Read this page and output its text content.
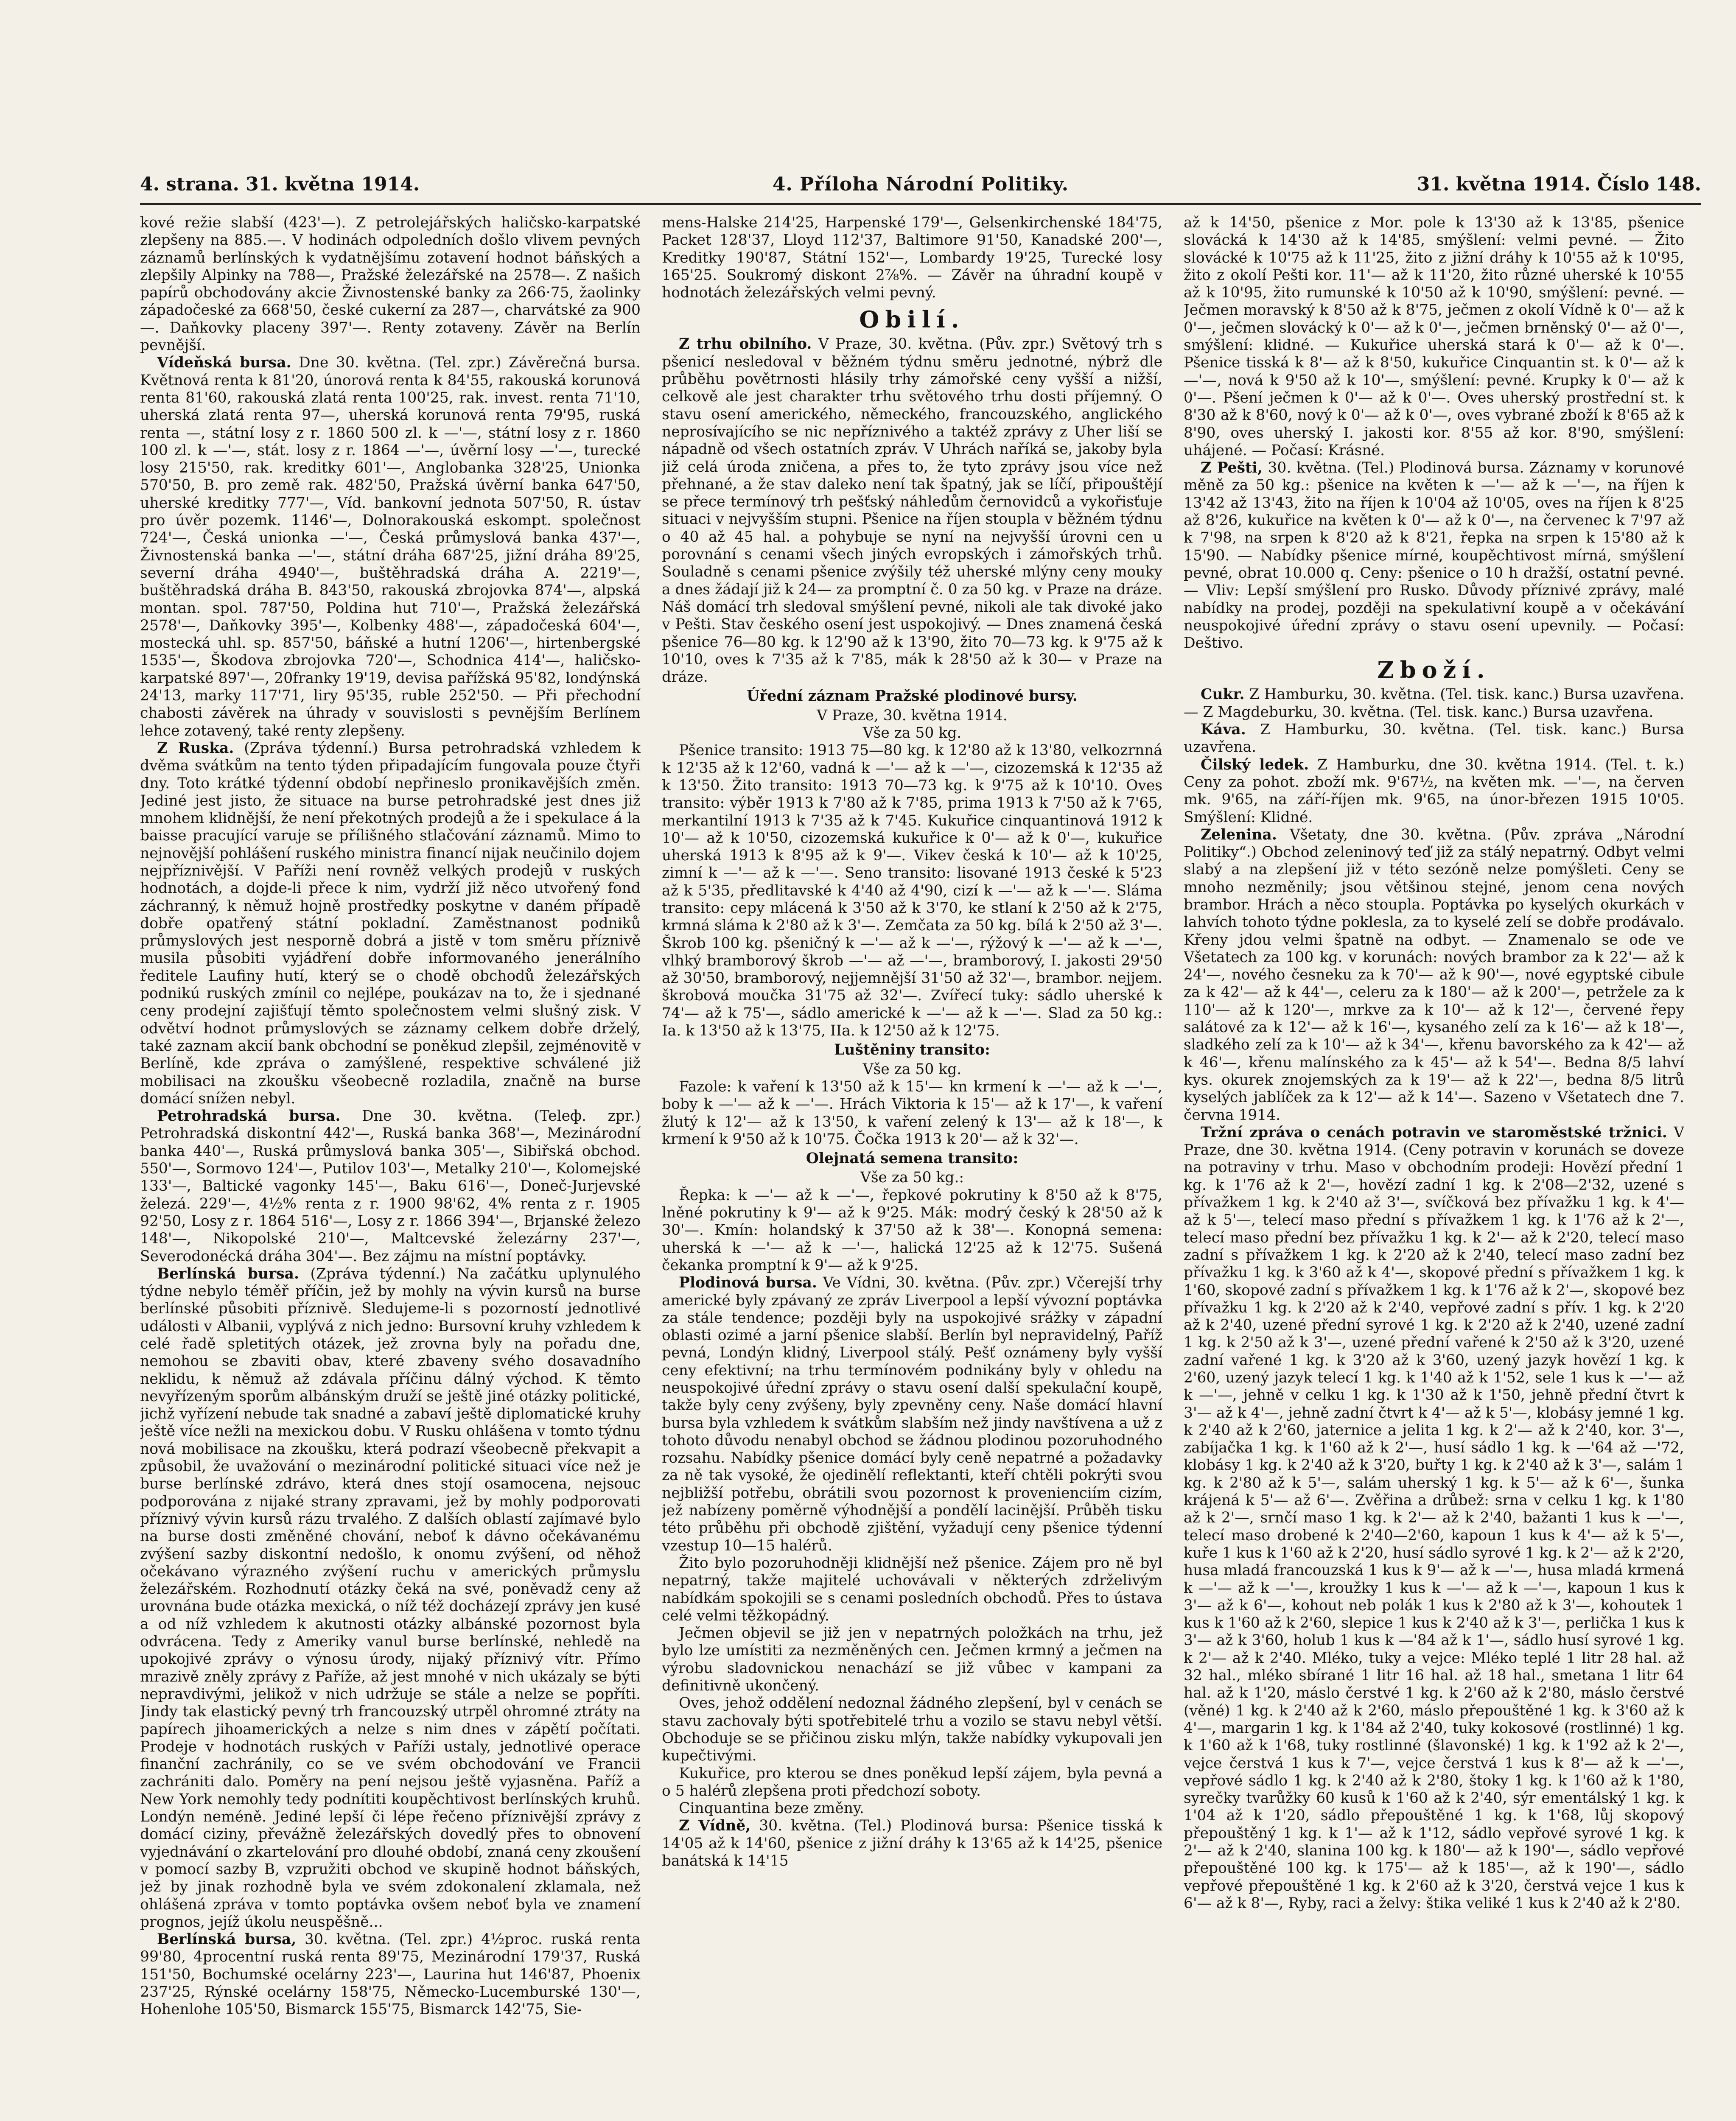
4. strana. 31. května 1914.	4. Příloha Národní Politiky.	31. května 1914. Číslo 148.

kové režie slabší (423'—). Z petrolejářských haličsko-karpatské zlepšeny na 885.—. V hodinách odpoledních došlo vlivem pevných záznamů berlínských k vydatnějšímu zotavení hodnot báňských a zlepšily Alpinky na 788—, Pražské železářské na 2578—. Z našich papírů obchodovány akcie Živnostenské banky za 266·75, žaolinky západočeské za 668'50, české cukerní za 287—, charvátské za 900—. Daňkovky placeny 397'—. Renty zotaveny. Závěr na Berlín pevnější.

Vídeňská bursa. Dne 30. května. (Tel. zpr.) Závěrečná bursa. Květnová renta k 81'20, únorová renta k 84'55, rakouská korunová renta 81'60, rakouská zlatá renta 100'25, rak. invest. renta 71'10, uherská zlatá renta 97—, uherská korunová renta 79'95, ruská renta —, státní losy z r. 1860 500 zl. k —'—, státní losy z r. 1860 100 zl. k —'—, stát. losy z r. 1864 —'—, úvěrní losy —'—, turecké losy 215'50, rak. kreditky 601'—, Anglobanka 328'25, Unionka 570'50, B. pro země rak. 482'50, Pražská úvěrní banka 647'50, uherské kreditky 777'—, Víd. bankovní jednota 507'50, R. ústav pro úvěr pozemk. 1146'—, Dolnorakouská eskompt. společnost 724'—, Česká unionka —'—, Česká průmyslová banka 437'—, Živnostenská banka —'—, státní dráha 687'25, jižní dráha 89'25, severní dráha 4940'—, buštěhradská dráha A. 2219'—, buštěhradská dráha B. 843'50, rakouská zbrojovka 874'—, alpská montan. spol. 787'50, Poldina hut 710'—, Pražská železářská 2578'—, Daňkovky 395'—, Kolbenky 488'—, západočeská 604'—, mostecká uhl. sp. 857'50, báňské a hutní 1206'—, hirtenbergské 1535'—, Škodova zbrojovka 720'—, Schodnica 414'—, haličsko-karpatské 897'—, 20franky 19'19, devisa pařížská 95'82, londýnská 24'13, marky 117'71, liry 95'35, ruble 252'50. — Při přechodní chabosti závěrek na úhrady v souvislosti s pevnějším Berlínem lehce zotavený, také renty zlepšeny.

Z Ruska. (Zpráva týdenní.) Bursa petrohradská vzhledem k dvěma svátkům na tento týden připadajícím fungovala pouze čtyři dny. Toto krátké týdenní období nepřineslo pronikavějších změn. Jediné jest jisto, že situace na burse petrohradské jest dnes již mnohem klidnější, že není překotných prodejů a že i spekulace á la baisse pracující varuje se přílišného stlačování záznamů. Mimo to nejnovější pohlášení ruského ministra financí nijak neučinilo dojem nejpříznivější. V Paříži není rovněž velkých prodejů v ruských hodnotách, a dojde-li přece k nim, vydrží již něco utvořený fond záchranný, k němuž hojně prostředky poskytne v daném případě dobře opatřený státní pokladní. Zaměstnanost podniků průmyslových jest nesporně dobrá a jistě v tom směru příznivě musila působiti vyjádření dobře informovaného jenerálního ředitele Laufiny hutí, který se o chodě obchodů železářských podnikú ruských zmínil co nejlépe, poukázav na to, že i sjednané ceny prodejní zajišťují těmto společnostem velmi slušný zisk. V odvětví hodnot průmyslových se záznamy celkem dobře drželý, také zaznam akcií bank obchodní se poněkud zlepšil, zejménovitě v Berlíně, kde zpráva o zamýšlené, respektive schválené již mobilisaci na zkoušku všeobecně rozladila, značně na burse domácí snížen nebyl.

Petrohradská bursa. Dne 30. května. (Teleф. zpr.) Petrohradská diskontní 442'—, Ruská banka 368'—, Mezinárodní banka 440'—, Ruská průmyslová banka 305'—, Sibiřská obchod. 550'—, Sormovo 124'—, Putilov 103'—, Metalky 210'—, Kolomejské 133'—, Baltické vagonky 145'—, Baku 616'—, Doneč-Jurjevské železá. 229'—, 4½% renta z r. 1900 98'62, 4% renta z r. 1905 92'50, Losy z r. 1864 516'—, Losy z r. 1866 394'—, Brjanské železo 148'—, Nikopolské 210'—, Maltcevské železárny 237'—, Severodonécká dráha 304'—. Bez zájmu na místní poptávky.

Berlínská bursa. (Zpráva týdenní.) Na začátku uplynulého týdne nebylo téměř příčin, jež by mohly na vývin kursů na burse berlínské působiti příznivě. Sledujeme-li s pozorností jednotlivé události v Albanii, vyplývá z nich jedno: Bursovní kruhy vzhledem k celé řadě spletitých otázek, jež zrovna byly na pořadu dne, nemohou se zbaviti obav, které zbaveny svého dosavadního neklidu, k němuž až zdávala příčinu dálný východ. K těmto nevyřízeným sporům albánským druží se ještě jiné otázky politické, jichž vyřízení nebude tak snadné a zabaví ještě diplomatické kruhy ještě více nežli na mexickou dobu. V Rusku ohlášena v tomto týdnu nová mobilisace na zkoušku, která podrazí všeobecně překvapit a způsobil, že uvažování o mezinárodní politické situaci více než je burse berlínské zdrávo, která dnes stojí osamocena, nejsouc podporována z nijaké strany zpravami, jež by mohly podporovati příznivý vývin kursů rázu trvalého. Z dalších oblastí zajímavé bylo na burse dosti změněné chování, neboť k dávno očekávanému zvýšení sazby diskontní nedošlo, k onomu zvýšení, od něhož očekávano výrazného zvýšení ruchu v amerických průmyslu železářském. Rozhodnutí otázky čeká na své, poněvadž ceny až urovnána bude otázka mexická, o níž též docházejí zprávy jen kusé a od níž vzhledem k akutnosti otázky albánské pozornost byla odvrácena. Tedy z Ameriky vanul burse berlínské, nehledě na upokojivé zprávy o výnosu úrody, nijaký příznivý vítr. Přímo mrazivě zněly zprávy z Paříže, až jest mnohé v nich ukázaly se býti nepravdivými, jelikož v nich udržuje se stále a nelze se popříti. Jindy tak elastický pevný trh francouzský utrpěl ohromné ztráty na papírech jihoamerických a nelze s nim dnes v zápětí počítati. Prodeje v hodnotách ruských v Paříži ustaly, jednotlivé operace finanční zachránily, co se ve svém obchodování ve Francii zachrániti dalo. Poměry na pení nejsou ještě vyjasněna. Paříž a New York nemohly tedy podnítiti koupěchtivost berlínských kruhů. Londýn neméně. Jediné lepší či lépe řečeno příznivější zprávy z domácí ciziny, převážně železářských dovedlý přes to obnovení vyjednávání o zkartelování pro dlouhé období, znaná ceny zkoušení v pomocí sazby B, vzpružiti obchod ve skupině hodnot báňských, jež by jinak rozhodně byla ve svém zdokonalení zklamala, než ohlášená zpráva v tomto poptávka ovšem neboť byla ve znamení prognos, jejíž úkolu neuspěšně...

Berlínská bursa, 30. května. (Tel. zpr.) 4½proc. ruská renta 99'80, 4procentní ruská renta 89'75, Mezinárodní 179'37, Ruská 151'50, Bochumské ocelárny 223'—, Laurina hut 146'87, Phoenix 237'25, Rýnské ocelárny 158'75, Německo-Lucemburské 130'—, Hohenlohe 105'50, Bismarck 155'75, Bismarck 142'75, Sie-

mens-Halske 214'25, Harpenské 179'—, Gelsenkirchenské 184'75, Packet 128'37, Lloyd 112'37, Baltimore 91'50, Kanadské 200'—, Kreditky 190'87, Státní 152'—, Lombardy 19'25, Turecké losy 165'25. Soukromý diskont 2⅞%. — Závěr na úhradní koupě v hodnotách železářských velmi pevný.

Obilí.

Z trhu obilního. V Praze, 30. května. (Pův. zpr.) Světový trh s pšenicí nesledoval v běžném týdnu směru jednotné, nýbrž dle průběhu povětrnosti hlásily trhy zámořské ceny vyšší a nižší, celkově ale jest charakter trhu světového trhu dosti příjemný. O stavu osení amerického, německého, francouzského, anglického neprosívajícího se nic nepříznivého a taktéž zprávy z Uher liší se nápadně od všech ostatních zpráv. V Uhrách naříká se, jakoby byla již celá úroda zničena, a přes to, že tyto zprávy jsou více než přehnané, a že stav daleko není tak špatný, jak se líčí, připouštějí se přece termínový trh pešťský náhledům černovidců a vykořisťuje situaci v nejvyšším stupni. Pšenice na říjen stoupla v běžném týdnu o 40 až 45 hal. a pohybuje se nyní na nejvyšší úrovni cen u porovnání s cenami všech jiných evropských i zámořských trhů. Souladně s cenami pšenice zvýšily též uherské mlýny ceny mouky a dnes žádají již k 24— za promptní č. 0 za 50 kg. v Praze na dráze. Náš domácí trh sledoval smýšlení pevné, nikoli ale tak divoké jako v Pešti. Stav českého osení jest uspokojivý. — Dnes znamená česká pšenice 76—80 kg. k 12'90 až k 13'90, žito 70—73 kg. k 9'75 až k 10'10, oves k 7'35 až k 7'85, mák k 28'50 až k 30— v Praze na dráze.

Úřední záznam Pražské plodinové bursy.
V Praze, 30. května 1914.
Vše za 50 kg.

Pšenice transito: 1913 75—80 kg. k 12'80 až k 13'80, velkozrnná k 12'35 až k 12'60, vadná k —'— až k —'—, cizozemská k 12'35 až k 13'50. Žito transito: 1913 70—73 kg. k 9'75 až k 10'10. Oves transito: výběr 1913 k 7'80 až k 7'85, prima 1913 k 7'50 až k 7'65, merkantilní 1913 k 7'35 až k 7'45. Kukuřice cinquantinová 1912 k 10'— až k 10'50, cizozemská kukuřice k 0'— až k 0'—, kukuřice uherská 1913 k 8'95 až k 9'—. Vikev česká k 10'— až k 10'25, zimní k —'— až k —'—. Seno transito: lisované 1913 české k 5'23 až k 5'35, předlitavské k 4'40 až 4'90, cizí k —'— až k —'—. Sláma transito: cepy mlácená k 3'50 až k 3'70, ke stlaní k 2'50 až k 2'75, krmná sláma k 2'80 až k 3'—. Zemčata za 50 kg. bílá k 2'50 až 3'—. Škrob 100 kg. pšeničný k —'— až k —'—, rýžový k —'— až k —'—, vlhký bramborový škrob —'— až —'—, bramborový, I. jakosti 29'50 až 30'50, bramborový, nejjemnější 31'50 až 32'—, brambor. nejjem. škrobová moučka 31'75 až 32'—. Zvířecí tuky: sádlo uherské k 74'— až k 75'—, sádlo americké k —'— až k —'—. Slad za 50 kg.: Ia. k 13'50 až k 13'75, IIa. k 12'50 až k 12'75.

Luštěniny transito:
Vše za 50 kg.

Fazole: k vaření k 13'50 až k 15'— kn krmení k —'— až k —'—, boby k —'— až k —'—. Hrách Viktoria k 15'— až k 17'—, k vaření žlutý k 12'— až k 13'50, k vaření zelený k 13'— až k 18'—, k krmení k 9'50 až k 10'75. Čočka 1913 k 20'— až k 32'—.

Olejnatá semena transito:
Vše za 50 kg.:

Řepka: k —'— až k —'—, řepkové pokrutiny k 8'50 až k 8'75, lněné pokrutiny k 9'— až k 9'25. Mák: modrý český k 28'50 až k 30'—. Kmín: holandský k 37'50 až k 38'—. Konopná semena: uherská k —'— až k —'—, halická 12'25 až k 12'75. Sušená čekanka promptní k 9'— až k 9'25.

Plodinová bursa. Ve Vídni, 30. května. (Pův. zpr.) Včerejší trhy americké byly zpávaný ze zpráv Liverpool a lepší vývozní poptávka za stále tendence; později byly na uspokojivé srážky v západní oblasti ozimé a jarní pšenice slabší. Berlín byl nepravidelný, Paříž pevná, Londýn klidný, Liverpool stálý. Pešť oznámeny byly vyšší ceny efektivní; na trhu termínovém podnikány byly v ohledu na neuspokojivé úřední zprávy o stavu osení další spekulační koupě, takže byly ceny zvýšeny, byly zpevněny ceny. Naše domácí hlavní bursa byla vzhledem k svátkům slabším než jindy navštívena a už z tohoto důvodu nenabyl obchod se žádnou plodinou pozoruhodného rozsahu. Nabídky pšenice domácí byly ceně nepatrné a požadavky za ně tak vysoké, že ojedinělí reflektanti, kteří chtěli pokrýti svou nejbližší potřebu, obrátili svou pozornost k provenienciím cizím, jež nabízeny poměrně výhodnější a pondělí lacinější. Průběh tisku této průběhu při obchodě zjištění, vyžadují ceny pšenice týdenní vzestup 10—15 halérů.

Žito bylo pozoruhodněji klidnější než pšenice. Zájem pro ně byl nepatrný, takže majitelé uchovávali v některých zdrželivým nabídkám spokojili se s cenami posledních obchodů. Přes to ústava celé velmi těžkopádný.

Ječmen objevil se již jen v nepatrných položkách na trhu, jež bylo lze umístiti za nezměněných cen. Ječmen krmný a ječmen na výrobu sladovnickou nenachází se již vůbec v kampani za definitivně ukončený.

Oves, jehož oddělení nedoznal žádného zlepšení, byl v cenách se stavu zachovaly býti spotřebitelé trhu a vozilo se stavu nebyl větší. Obchoduje se se přičinou zisku mlýn, takže nabídky vykupovali jen kupečtivými.

Kukuřice, pro kterou se dnes poněkud lepší zájem, byla pevná a o 5 halérů zlepšena proti předchozí soboty.

Cinquantina beze změny.

Z Vídně, 30. května. (Tel.) Plodinová bursa: Pšenice tisská k 14'05 až k 14'60, pšenice z jižní dráhy k 13'65 až k 14'25, pšenice banátská k 14'15

až k 14'50, pšenice z Mor. pole k 13'30 až k 13'85, pšenice slovácká k 14'30 až k 14'85, smýšlení: velmi pevné. — Žito slovácké k 10'75 až k 11'25, žito z jižní dráhy k 10'55 až k 10'95, žito z okolí Pešti kor. 11'— až k 11'20, žito různé uherské k 10'55 až k 10'95, žito rumunské k 10'50 až k 10'90, smýšlení: pevné. — Ječmen moravský k 8'50 až k 8'75, ječmen z okolí Vídně k 0'— až k 0'—, ječmen slovácký k 0'— až k 0'—, ječmen brněnský 0'— až 0'—, smýšlení: klidné. — Kukuřice uherská stará k 0'— až k 0'—. Pšenice tisská k 8'— až k 8'50, kukuřice Cinquantin st. k 0'— až k —'—, nová k 9'50 až k 10'—, smýšlení: pevné. Krupky k 0'— až k 0'—. Pšení ječmen k 0'— až k 0'—. Oves uherský prostřední st. k 8'30 až k 8'60, nový k 0'— až k 0'—, oves vybrané zboží k 8'65 až k 8'90, oves uherský I. jakosti kor. 8'55 až kor. 8'90, smýšlení: uhájené. — Počasí: Krásné.

Z Pešti, 30. května. (Tel.) Plodinová bursa. Záznamy v korunové měně za 50 kg.: pšenice na květen k —'— až k —'—, na říjen k 13'42 až 13'43, žito na říjen k 10'04 až 10'05, oves na říjen k 8'25 až 8'26, kukuřice na květen k 0'— až k 0'—, na červenec k 7'97 až k 7'98, na srpen k 8'20 až k 8'21, řepka na srpen k 15'80 až k 15'90. — Nabídky pšenice mírné, koupěchtivost mírná, smýšlení pevné, obrat 10.000 q. Ceny: pšenice o 10 h dražší, ostatní pevné. — Vliv: Lepší smýšlení pro Rusko. Důvody příznivé zprávy, malé nabídky na prodej, později na spekulativní koupě a v očekávání neuspokojivé úřední zprávy o stavu osení upevnily. — Počasí: Deštivo.

Zboží.

Cukr. Z Hamburku, 30. května. (Tel. tisk. kanc.) Bursa uzavřena. — Z Magdeburku, 30. května. (Tel. tisk. kanc.) Bursa uzavřena.

Káva. Z Hamburku, 30. května. (Tel. tisk. kanc.) Bursa uzavřena.

Čilský ledek. Z Hamburku, dne 30. května 1914. (Tel. t. k.) Ceny za pohot. zboží mk. 9'67½, na květen mk. —'—, na červen mk. 9'65, na září-říjen mk. 9'65, na únor-březen 1915 10'05. Smýšlení: Klidné.

Zelenina. Všetaty, dne 30. května. (Pův. zpráva „Národní Politiky“.) Obchod zeleninový teď již za stálý nepatrný. Odbyt velmi slabý a na zlepšení již v této sezóně nelze pomýšleti. Ceny se mnoho nezměnily; jsou většinou stejné, jenom cena nových brambor. Hrách a něco stoupla. Poptávka po kyselých okurkách v lahvích tohoto týdne poklesla, za to kyselé zelí se dobře prodávalo. Křeny jdou velmi špatně na odbyt. — Znamenalo se ode ve Všetatech za 100 kg. v korunách: nových brambor za k 22'— až k 24'—, nového česneku za k 70'— až k 90'—, nové egyptské cibule za k 42'— až k 44'—, celeru za k 180'— až k 200'—, petržele za k 110'— až k 120'—, mrkve za k 10'— až k 12'—, červené řepy salátové za k 12'— až k 16'—, kysaného zelí za k 16'— až k 18'—, sladkého zelí za k 10'— až k 34'—, křenu bavorského za k 42'— až k 46'—, křenu malínského za k 45'— až k 54'—. Bedna 8/5 lahví kys. okurek znojemských za k 19'— až k 22'—, bedna 8/5 litrů kyselých jablíček za k 12'— až k 14'—. Sazeno v Všetatech dne 7. června 1914.

Tržní zpráva o cenách potravin ve staroměstské tržnici. V Praze, dne 30. května 1914. (Ceny potravin v korunách se doveze na potraviny v trhu. Maso v obchodním prodeji: Hovězí přední 1 kg. k 1'76 až k 2'—, hovězí zadní 1 kg. k 2'08—2'32, uzené s přívažkem 1 kg. k 2'40 až 3'—, svíčková bez přívažku 1 kg. k 4'— až k 5'—, telecí maso přední s přívažkem 1 kg. k 1'76 až k 2'—, telecí maso přední bez přívažku 1 kg. k 2'— až k 2'20, telecí maso zadní s přívažkem 1 kg. k 2'20 až k 2'40, telecí maso zadní bez přívažku 1 kg. k 3'60 až k 4'—, skopové přední s přívažkem 1 kg. k 1'60, skopové zadní s přívažkem 1 kg. k 1'76 až k 2'—, skopové bez přívažku 1 kg. k 2'20 až k 2'40, vepřové zadní s přív. 1 kg. k 2'20 až k 2'40, uzené přední syrové 1 kg. k 2'20 až k 2'40, uzené zadní 1 kg. k 2'50 až k 3'—, uzené přední vařené k 2'50 až k 3'20, uzené zadní vařené 1 kg. k 3'20 až k 3'60, uzený jazyk hovězí 1 kg. k 2'60, uzený jazyk telecí 1 kg. k 1'40 až k 1'52, sele 1 kus k —'— až k —'—, jehně v celku 1 kg. k 1'30 až k 1'50, jehně přední čtvrt k 3'— až k 4'—, jehně zadní čtvrt k 4'— až k 5'—, klobásy jemné 1 kg. k 2'40 až k 2'60, jaternice a jelita 1 kg. k 2'— až k 2'40, kor. 3'—, zabíjačka 1 kg. k 1'60 až k 2'—, husí sádlo 1 kg. k —'64 až —'72, klobásy 1 kg. k 2'40 až k 3'20, buřty 1 kg. k 2'40 až k 3'—, salám 1 kg. k 2'80 až k 5'—, salám uherský 1 kg. k 5'— až k 6'—, šunka krájená k 5'— až 6'—. Zvěřina a drůbež: srna v celku 1 kg. k 1'80 až k 2'—, srnčí maso 1 kg. k 2'— až k 2'40, bažanti 1 kus k —'—, telecí maso drobené k 2'40—2'60, kapoun 1 kus k 4'— až k 5'—, kuře 1 kus k 1'60 až k 2'20, husí sádlo syrové 1 kg. k 2'— až k 2'20, husa mladá francouzská 1 kus k 9'— až k —'—, husa mladá krmená k —'— až k —'—, kroužky 1 kus k —'— až k —'—, kapoun 1 kus k 3'— až k 6'—, kohout neb polák 1 kus k 2'80 až k 3'—, kohoutek 1 kus k 1'60 až k 2'60, slepice 1 kus k 2'40 až k 3'—, perlička 1 kus k 3'— až k 3'60, holub 1 kus k —'84 až k 1'—, sádlo husí syrové 1 kg. k 2'— až k 2'40. Mléko, tuky a vejce: Mléko teplé 1 litr 28 hal. až 32 hal., mléko sbírané 1 litr 16 hal. až 18 hal., smetana 1 litr 64 hal. až k 1'20, máslo čerstvé 1 kg. k 2'60 až k 2'80, máslo čerstvé (věné) 1 kg. k 2'40 až k 2'60, máslo přepouštěné 1 kg. k 3'60 až k 4'—, margarin 1 kg. k 1'84 až 2'40, tuky kokosové (rostlinné) 1 kg. k 1'60 až k 1'68, tuky rostlinné (šlavonské) 1 kg. k 1'92 až k 2'—, vejce čerstvá 1 kus k 7'—, vejce čerstvá 1 kus k 8'— až k —'—, vepřové sádlo 1 kg. k 2'40 až k 2'80, štoky 1 kg. k 1'60 až k 1'80, syrečky tvarůžky 60 kusů k 1'60 až k 2'40, sýr ementálský 1 kg. k 1'04 až k 1'20, sádlo přepouštěné 1 kg. k 1'68, lůj skopový přepouštěný 1 kg. k 1'— až k 1'12, sádlo vepřové syrové 1 kg. k 2'— až k 2'40, slanina 100 kg. k 180'— až k 190'—, sádlo vepřové přepouštěné 100 kg. k 175'— až k 185'—, až k 190'—, sádlo vepřové přepouštěné 1 kg. k 2'60 až k 3'20, čerstvá vejce 1 kus k 6'— až k 8'—, Ryby, raci a želvy: štika veliké 1 kus k 2'40 až k 2'80.
